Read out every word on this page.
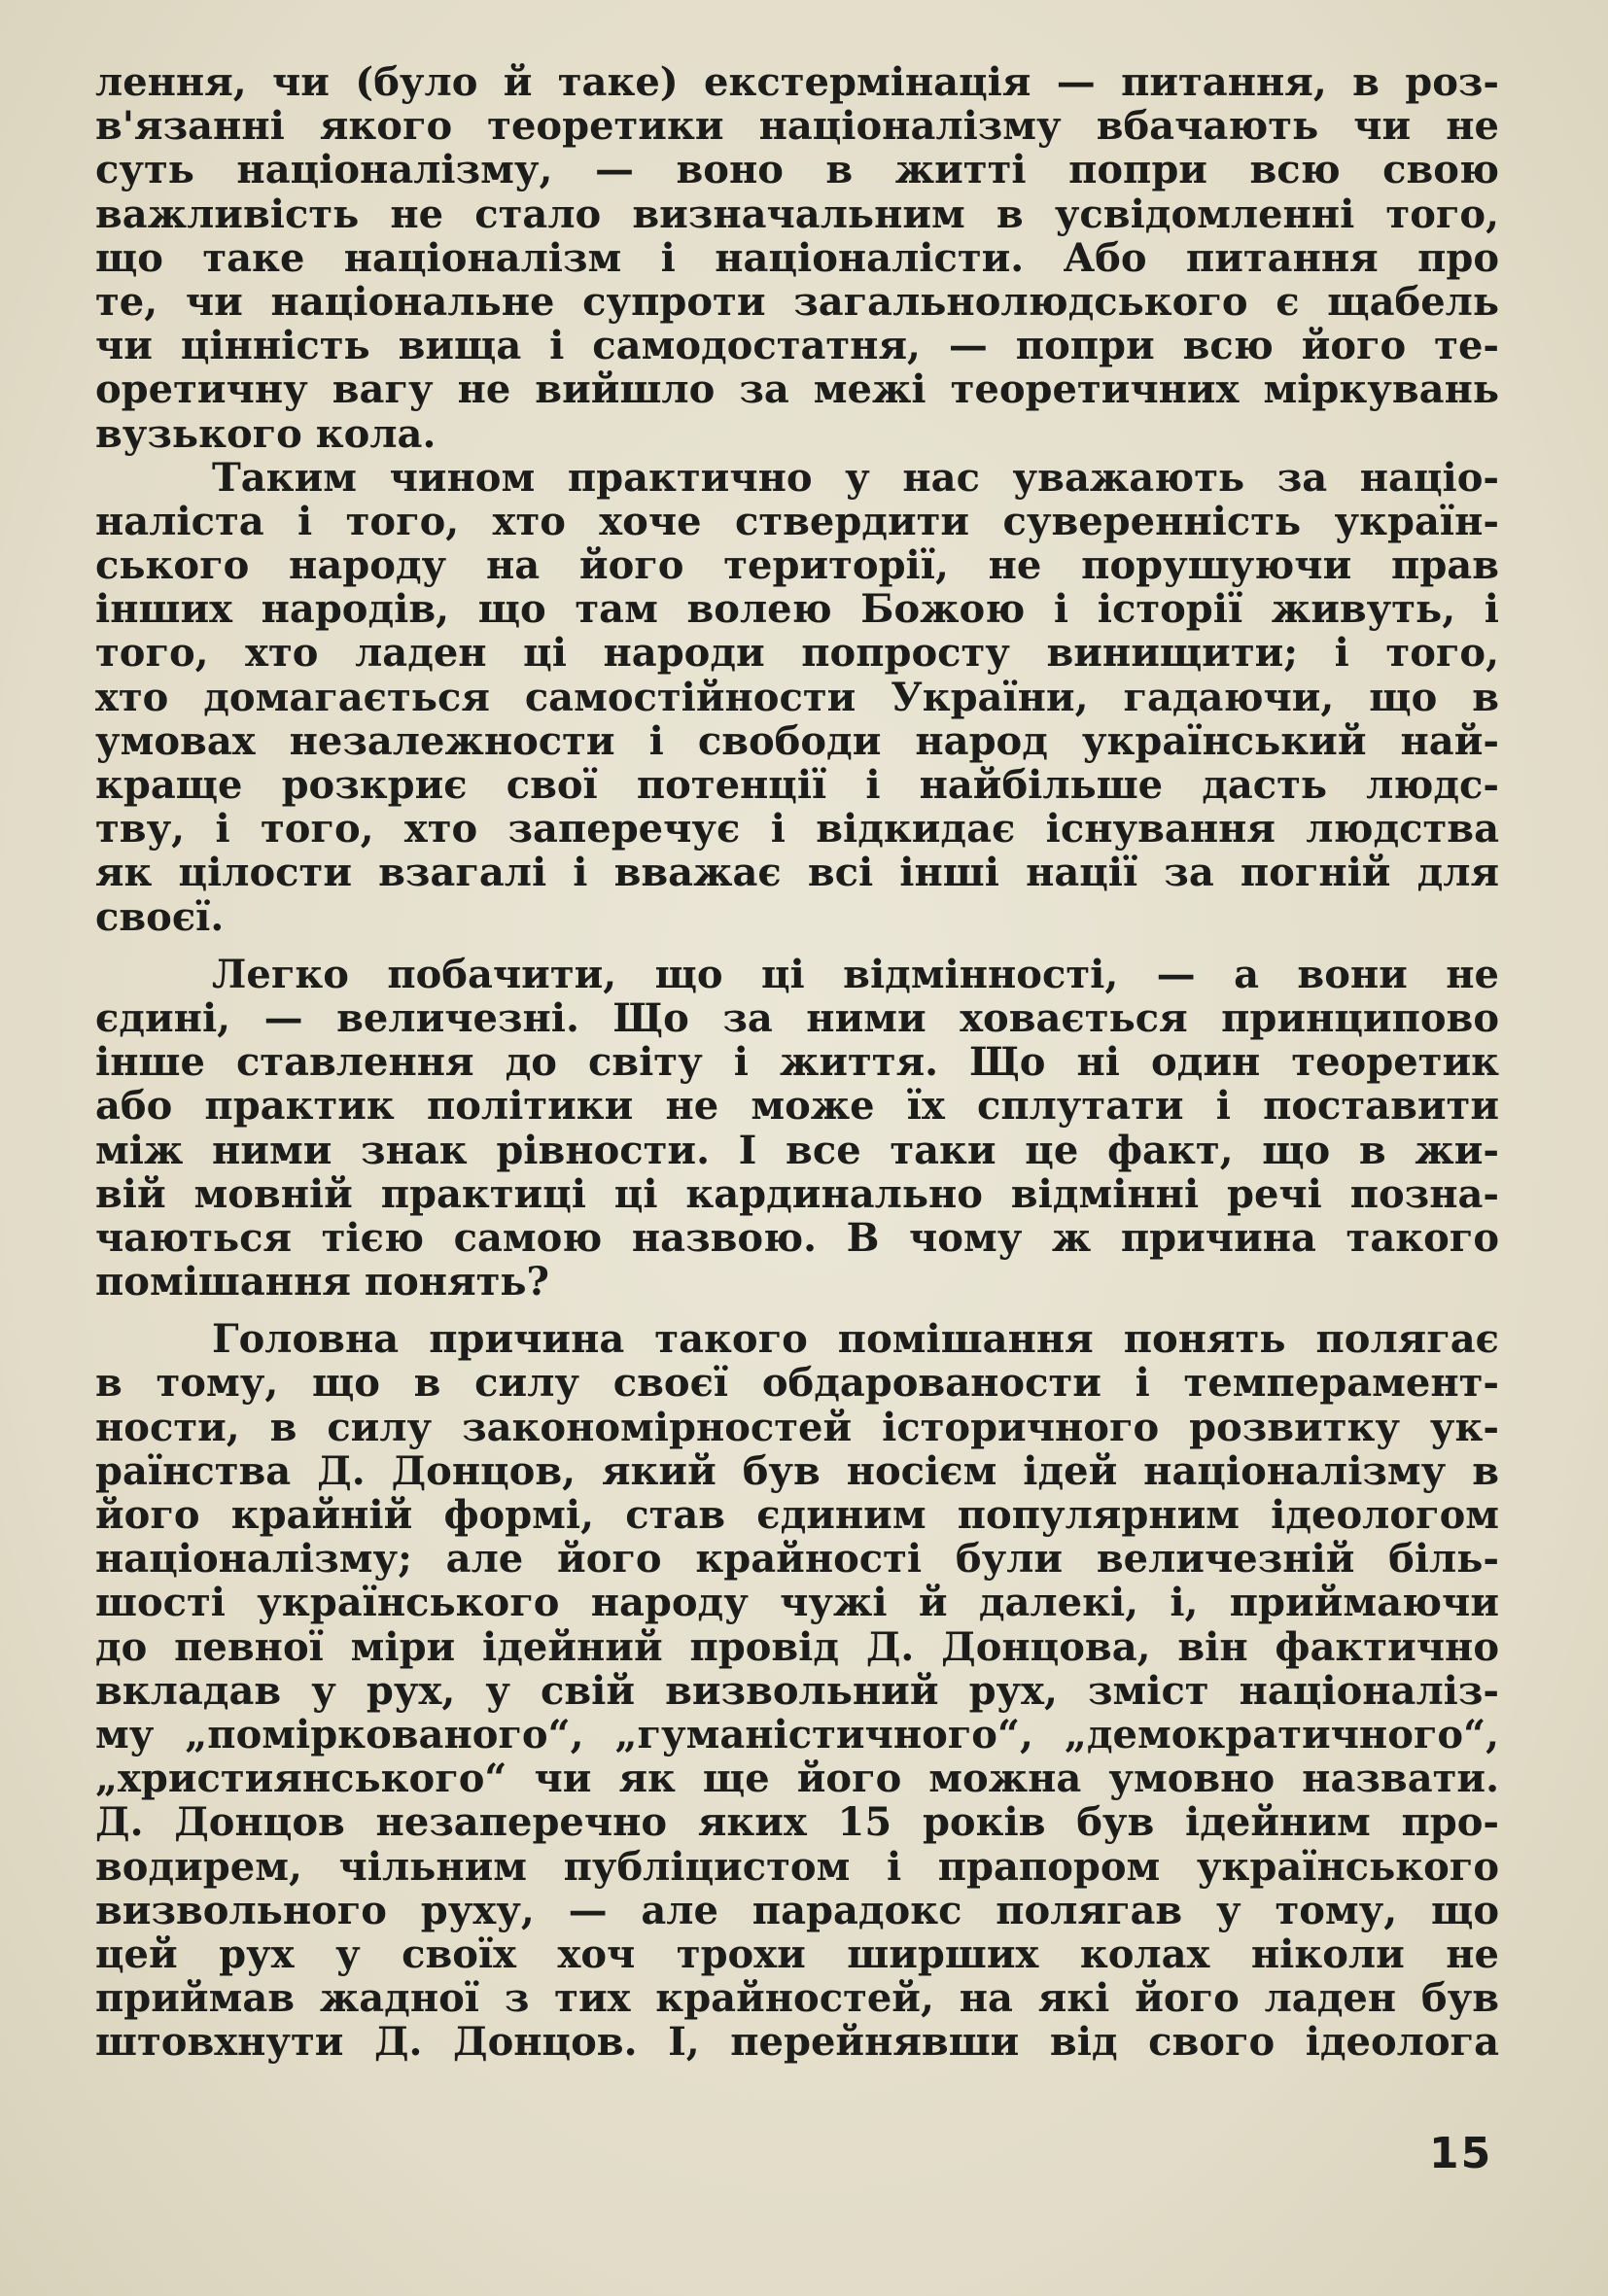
лення, чи (було й таке) екстермінація — питання, в роз-
в'язанні якого теоретики націоналізму вбачають чи не
суть націоналізму, — воно в житті попри всю свою
важливість не стало визначальним в усвідомленні того,
що таке націоналізм і націоналісти. Або питання про
те, чи національне супроти загальнолюдського є щабель
чи цінність вища і самодостатня, — попри всю його те-
оретичну вагу не вийшло за межі теоретичних міркувань
вузького кола.
Таким чином практично у нас уважають за націо-
наліста і того, хто хоче ствердити суверенність україн-
ського народу на його території, не порушуючи прав
інших народів, що там волею Божою і історії живуть, і
того, хто ладен ці народи попросту винищити; і того,
хто домагається самостійности України, гадаючи, що в
умовах незалежности і свободи народ український най-
краще розкриє свої потенції і найбільше дасть людс-
тву, і того, хто заперечує і відкидає існування людства
як цілости взагалі і вважає всі інші нації за погній для
своєї.
Легко побачити, що ці відмінності, — а вони не
єдині, — величезні. Що за ними ховається принципово
інше ставлення до світу і життя. Що ні один теоретик
або практик політики не може їх сплутати і поставити
між ними знак рівности. І все таки це факт, що в жи-
вій мовній практиці ці кардинально відмінні речі позна-
чаються тією самою назвою. В чому ж причина такого
помішання понять?
Головна причина такого помішання понять полягає
в тому, що в силу своєї обдарованости і темперамент-
ности, в силу закономірностей історичного розвитку ук-
раїнства Д. Донцов, який був носієм ідей націоналізму в
його крайній формі, став єдиним популярним ідеологом
націоналізму; але його крайності були величезній біль-
шості українського народу чужі й далекі, і, приймаючи
до певної міри ідейний провід Д. Донцова, він фактично
вкладав у рух, у свій визвольний рух, зміст націоналіз-
му „поміркованого“, „гуманістичного“, „демократичного“,
„християнського“ чи як ще його можна умовно назвати.
Д. Донцов незаперечно яких 15 років був ідейним про-
водирем, чільним публіцистом і прапором українського
визвольного руху, — але парадокс полягав у тому, що
цей рух у своїх хоч трохи ширших колах ніколи не
приймав жадної з тих крайностей, на які його ладен був
штовхнути Д. Донцов. І, перейнявши від свого ідеолога
15
